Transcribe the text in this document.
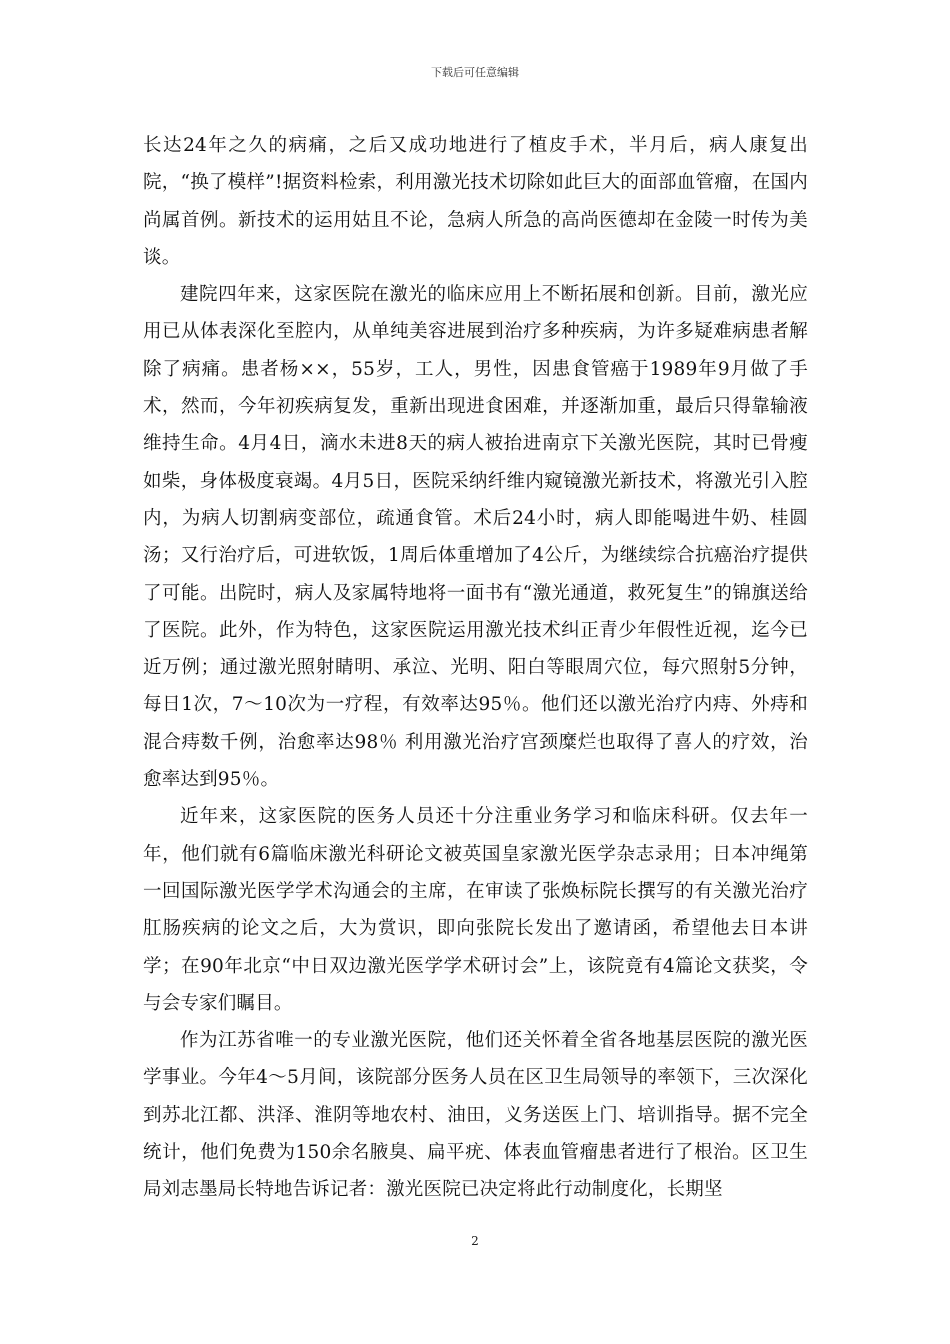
下载后可任意编辑

长达24年之久的病痛，之后又成功地进行了植皮手术，半月后，病人康复出院，“换了模样”!据资料检索，利用激光技术切除如此巨大的面部血管瘤，在国内尚属首例。新技术的运用姑且不论，急病人所急的高尚医德却在金陵一时传为美谈。

建院四年来，这家医院在激光的临床应用上不断拓展和创新。目前，激光应用已从体表深化至腔内，从单纯美容进展到治疗多种疾病，为许多疑难病患者解除了病痛。患者杨××，55岁，工人，男性，因患食管癌于1989年9月做了手术，然而，今年初疾病复发，重新出现进食困难，并逐渐加重，最后只得靠输液维持生命。4月4日，滴水未进8天的病人被抬进南京下关激光医院，其时已骨瘦如柴，身体极度衰竭。4月5日，医院采纳纤维内窥镜激光新技术，将激光引入腔内，为病人切割病变部位，疏通食管。术后24小时，病人即能喝进牛奶、桂圆汤；又行治疗后，可进软饭，1周后体重增加了4公斤，为继续综合抗癌治疗提供了可能。出院时，病人及家属特地将一面书有“激光通道，救死复生”的锦旗送给了医院。此外，作为特色，这家医院运用激光技术纠正青少年假性近视，迄今已近万例；通过激光照射睛明、承泣、光明、阳白等眼周穴位，每穴照射5分钟，每日1次，7～10次为一疗程，有效率达95％。他们还以激光治疗内痔、外痔和混合痔数千例，治愈率达98％ 利用激光治疗宫颈糜烂也取得了喜人的疗效，治愈率达到95％。

近年来，这家医院的医务人员还十分注重业务学习和临床科研。仅去年一年，他们就有6篇临床激光科研论文被英国皇家激光医学杂志录用；日本冲绳第一回国际激光医学学术沟通会的主席，在审读了张焕标院长撰写的有关激光治疗肛肠疾病的论文之后，大为赏识，即向张院长发出了邀请函，希望他去日本讲学；在90年北京“中日双边激光医学学术研讨会”上，该院竟有4篇论文获奖，令与会专家们瞩目。

作为江苏省唯一的专业激光医院，他们还关怀着全省各地基层医院的激光医学事业。今年4～5月间，该院部分医务人员在区卫生局领导的率领下，三次深化到苏北江都、洪泽、淮阴等地农村、油田，义务送医上门、培训指导。据不完全统计，他们免费为150余名腋臭、扁平疣、体表血管瘤患者进行了根治。区卫生局刘志墨局长特地告诉记者：激光医院已决定将此行动制度化，长期坚

2
